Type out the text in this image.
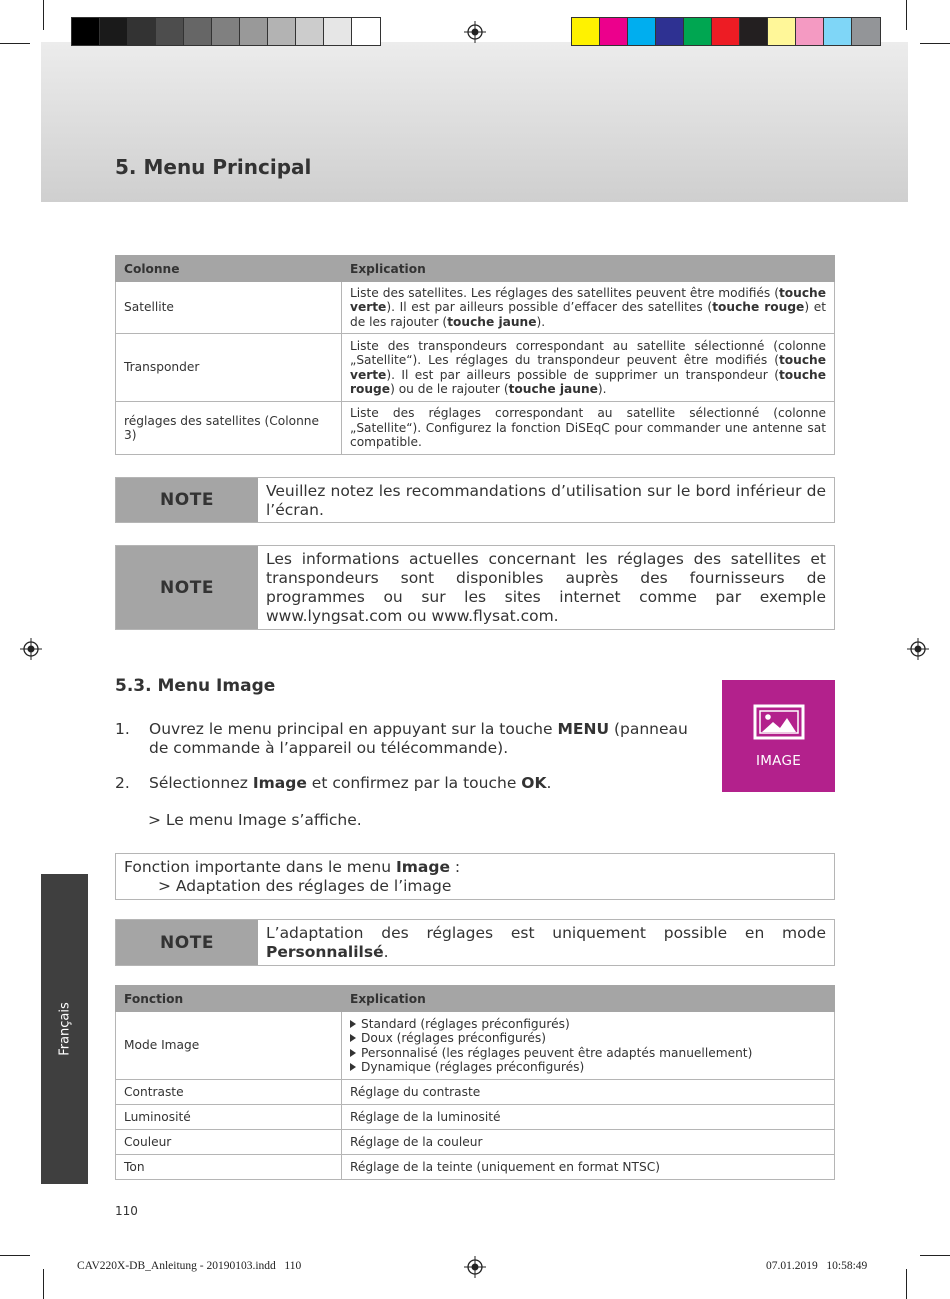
5. Menu Principal
Colonne	Explication
Satellite	Liste des satellites. Les réglages des satellites peuvent être modifiés (touche verte). Il est par ailleurs possible d’effacer des satellites (touche rouge) et de les rajouter (touche jaune).
Transponder	Liste des transpondeurs correspondant au satellite sélectionné (colonne „Satellite“). Les réglages du transpondeur peuvent être modifiés (touche verte). Il est par ailleurs possible de supprimer un transpondeur (touche rouge) ou de le rajouter (touche jaune).
réglages des satellites (Colonne 3)	Liste des réglages correspondant au satellite sélectionné (colonne „Satellite“). Configurez la fonction DiSEqC pour commander une antenne sat compatible.
NOTE	Veuillez notez les recommandations d’utilisation sur le bord inférieur de l’écran.
NOTE
Les informations actuelles concernant les réglages des satellites et transpondeurs sont disponibles auprès des fournisseurs de programmes ou sur les sites internet comme par exemple www.lyngsat.com ou www.flysat.com.
5.3. Menu Image
1.	Ouvrez le menu principal en appuyant sur la touche MENU (panneau de commande à l’appareil ou télécommande).
2.	Sélectionnez Image et confirmez par la touche OK.
> Le menu Image s’affiche.
IMAGE
Fonction importante dans le menu Image :
> Adaptation des réglages de l’image
NOTE	L’adaptation des réglages est uniquement possible en mode Personnalilsé.
Fonction	Explication
Mode Image	Standard (réglages préconfigurés)
Doux (réglages préconfigurés)
Personnalisé (les réglages peuvent être adaptés manuellement)
Dynamique (réglages préconfigurés)

Contraste	Réglage du contraste
Luminosité	Réglage de la luminosité
Couleur	Réglage de la couleur
Ton	Réglage de la teinte (uniquement en format NTSC)
Français
110
CAV220X-DB_Anleitung - 20190103.indd   110	07.01.2019   10:58:49
